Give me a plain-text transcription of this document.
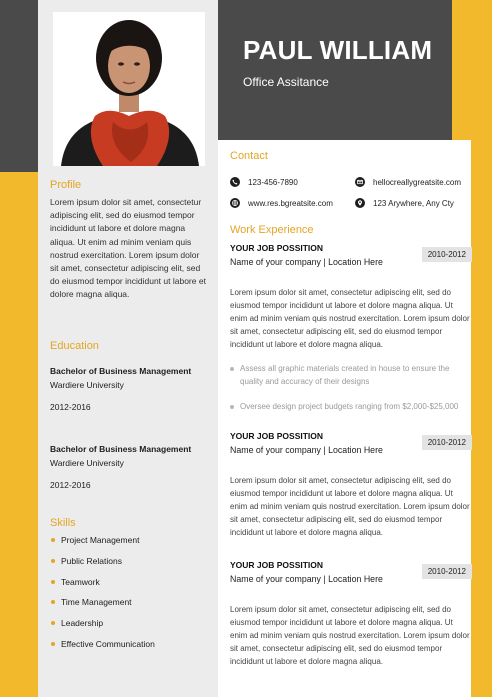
PAUL WILLIAM
Office Assitance
Profile
Lorem ipsum dolor sit amet, consectetur adipiscing elit, sed do eiusmod tempor incididunt ut labore et dolore magna aliqua. Ut enim ad minim veniam quis nostrud exercitation. Lorem ipsum dolor sit amet, consectetur adipiscing elit, sed do eiusmod tempor incididunt ut labore et dolore magna aliqua.
Education
Bachelor of Business Management Wardiere University
2012-2016
Bachelor of Business Management Wardiere University
2012-2016
Skills
Project Management
Public Relations
Teamwork
Time Management
Leadership
Effective Communication
Contact
123-456-7890	hellocreallygreatsite.com
www.res.bgreatsite.com	123 Arywhere, Any Cty
Work Experience
YOUR JOB POSSITION
Name of your company | Location Here
2010-2012
Lorem ipsum dolor sit amet, consectetur adipiscing elit, sed do eiusmod tempor incididunt ut labore et dolore magna aliqua. Ut enim ad minim veniam quis nostrud exercitation. Lorem ipsum dolor sit amet, consectetur adipiscing elit, sed do eiusmod tempor incididunt ut labore et dolore magna aliqua.
Assess all graphic materials created in house to ensure the quality and accuracy of their designs
Oversee design project budgets ranging from $2,000-$25,000
YOUR JOB POSSITION
Name of your company | Location Here
2010-2012
Lorem ipsum dolor sit amet, consectetur adipiscing elit, sed do eiusmod tempor incididunt ut labore et dolore magna aliqua. Ut enim ad minim veniam quis nostrud exercitation. Lorem ipsum dolor sit amet, consectetur adipiscing elit, sed do eiusmod tempor incididunt ut labore et dolore magna aliqua.
YOUR JOB POSSITION
Name of your company | Location Here
2010-2012
Lorem ipsum dolor sit amet, consectetur adipiscing elit, sed do eiusmod tempor incididunt ut labore et dolore magna aliqua. Ut enim ad minim veniam quis nostrud exercitation. Lorem ipsum dolor sit amet, consectetur adipiscing elit, sed do eiusmod tempor incididunt ut labore et dolore magna aliqua.
